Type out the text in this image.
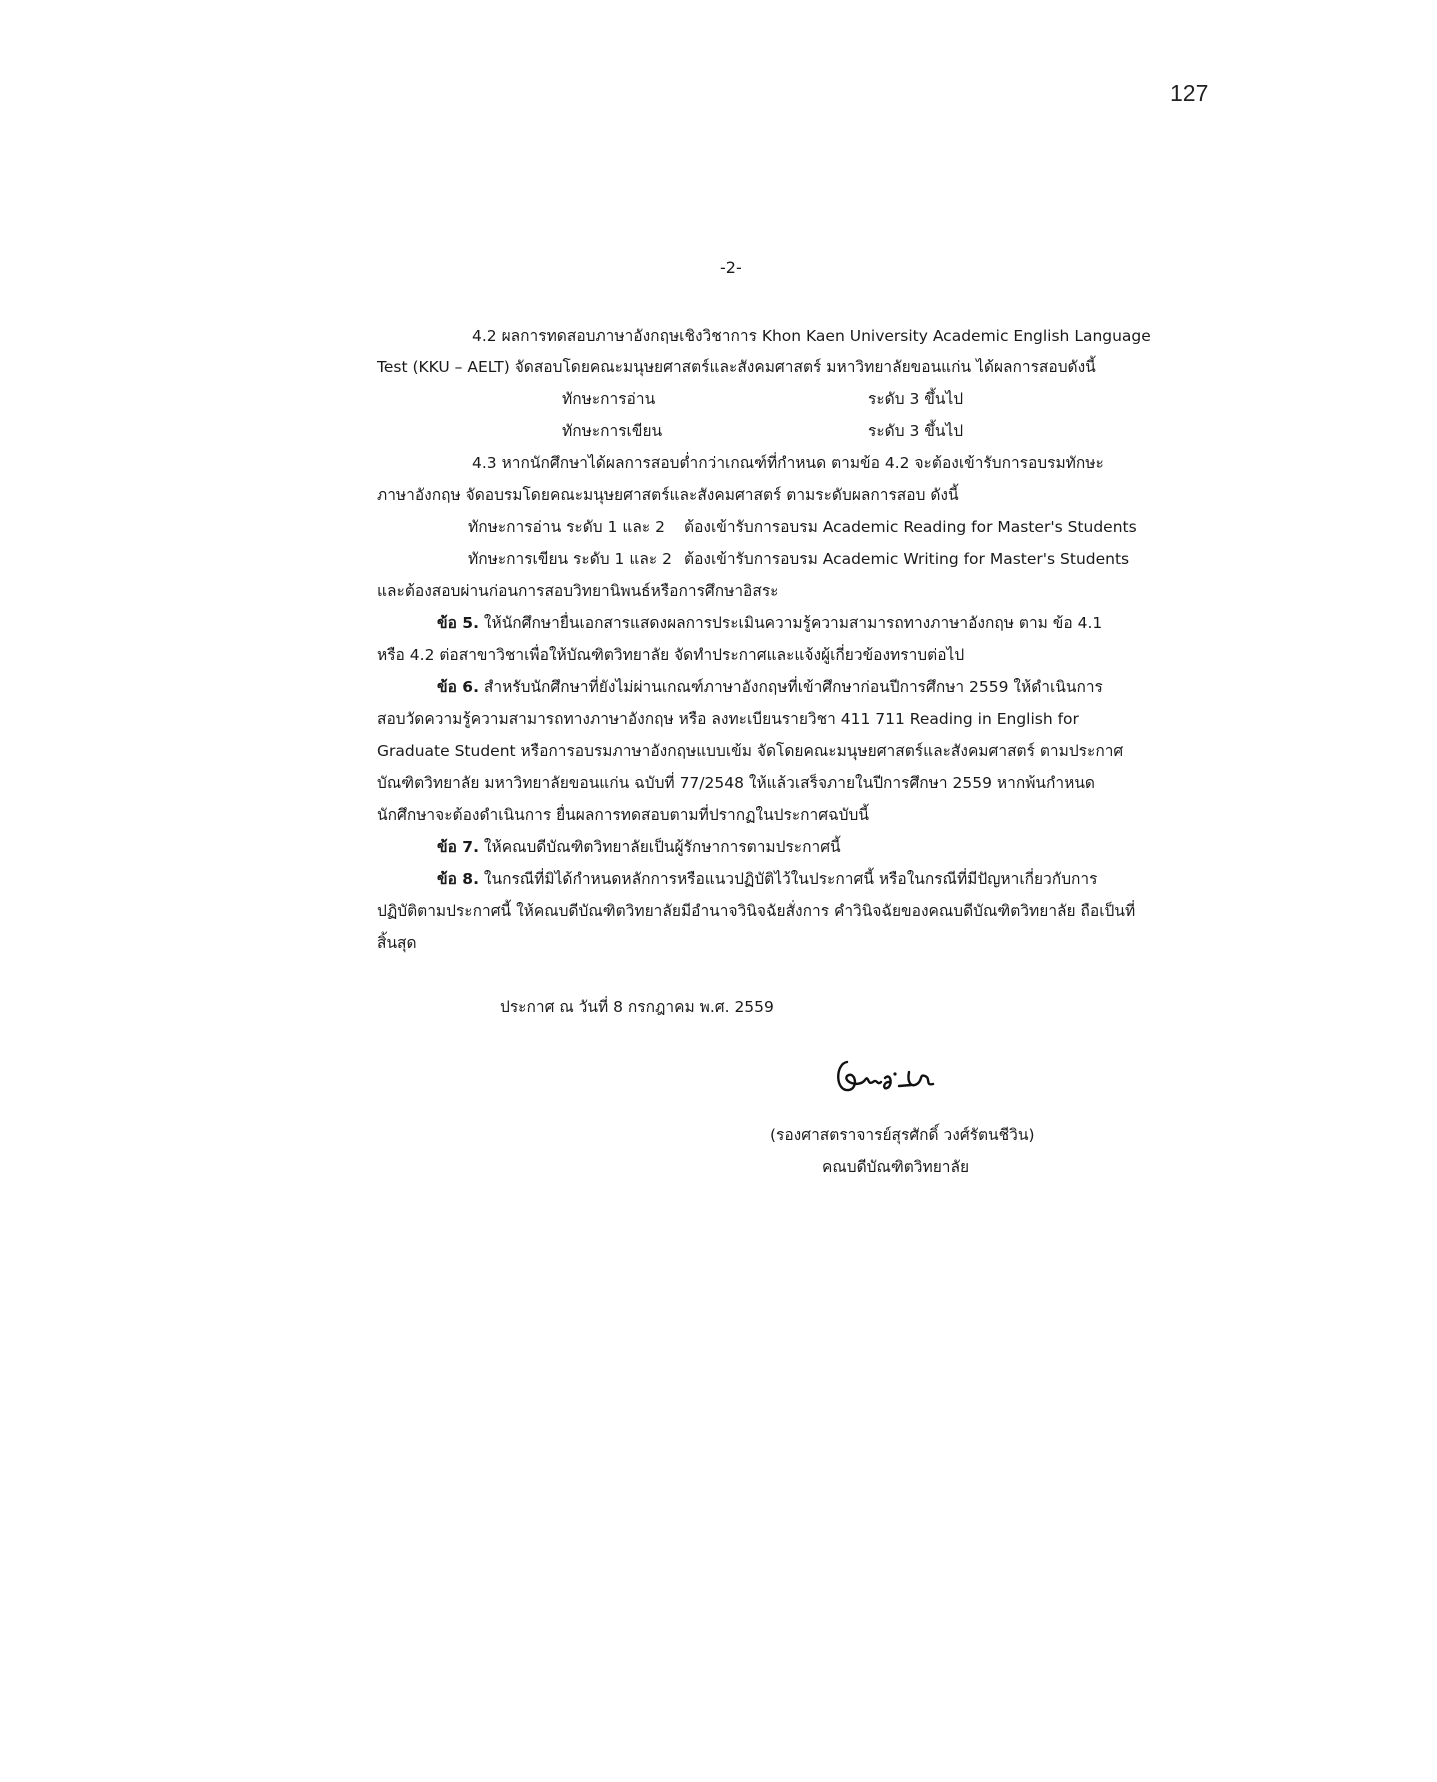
127
-2-
4.2 ผลการทดสอบภาษาอังกฤษเชิงวิชาการ Khon Kaen University Academic English Language
Test (KKU – AELT) จัดสอบโดยคณะมนุษยศาสตร์และสังคมศาสตร์ มหาวิทยาลัยขอนแก่น ได้ผลการสอบดังนี้
ทักษะการอ่าน	ระดับ 3 ขึ้นไป
ทักษะการเขียน	ระดับ 3 ขึ้นไป
4.3 หากนักศึกษาได้ผลการสอบต่ำกว่าเกณฑ์ที่กำหนด ตามข้อ 4.2 จะต้องเข้ารับการอบรมทักษะ
ภาษาอังกฤษ จัดอบรมโดยคณะมนุษยศาสตร์และสังคมศาสตร์ ตามระดับผลการสอบ ดังนี้
ทักษะการอ่าน ระดับ 1 และ 2 ต้องเข้ารับการอบรม Academic Reading for Master's Students
ทักษะการเขียน ระดับ 1 และ 2 ต้องเข้ารับการอบรม Academic Writing for Master's Students
และต้องสอบผ่านก่อนการสอบวิทยานิพนธ์หรือการศึกษาอิสระ
ข้อ 5. ให้นักศึกษายื่นเอกสารแสดงผลการประเมินความรู้ความสามารถทางภาษาอังกฤษ ตาม ข้อ 4.1
หรือ 4.2 ต่อสาขาวิชาเพื่อให้บัณฑิตวิทยาลัย จัดทำประกาศและแจ้งผู้เกี่ยวข้องทราบต่อไป
ข้อ 6. สำหรับนักศึกษาที่ยังไม่ผ่านเกณฑ์ภาษาอังกฤษที่เข้าศึกษาก่อนปีการศึกษา 2559 ให้ดำเนินการ
สอบวัดความรู้ความสามารถทางภาษาอังกฤษ หรือ ลงทะเบียนรายวิชา 411 711 Reading in English for
Graduate Student หรือการอบรมภาษาอังกฤษแบบเข้ม จัดโดยคณะมนุษยศาสตร์และสังคมศาสตร์ ตามประกาศ
บัณฑิตวิทยาลัย มหาวิทยาลัยขอนแก่น ฉบับที่ 77/2548 ให้แล้วเสร็จภายในปีการศึกษา 2559 หากพ้นกำหนด
นักศึกษาจะต้องดำเนินการ ยื่นผลการทดสอบตามที่ปรากฏในประกาศฉบับนี้
ข้อ 7. ให้คณบดีบัณฑิตวิทยาลัยเป็นผู้รักษาการตามประกาศนี้
ข้อ 8. ในกรณีที่มิได้กำหนดหลักการหรือแนวปฏิบัติไว้ในประกาศนี้ หรือในกรณีที่มีปัญหาเกี่ยวกับการ
ปฏิบัติตามประกาศนี้ ให้คณบดีบัณฑิตวิทยาลัยมีอำนาจวินิจฉัยสั่งการ คำวินิจฉัยของคณบดีบัณฑิตวิทยาลัย ถือเป็นที่
สิ้นสุด
ประกาศ ณ วันที่ 8 กรกฎาคม พ.ศ. 2559
(รองศาสตราจารย์สุรศักดิ์ วงศ์รัตนชีวิน)
คณบดีบัณฑิตวิทยาลัย
